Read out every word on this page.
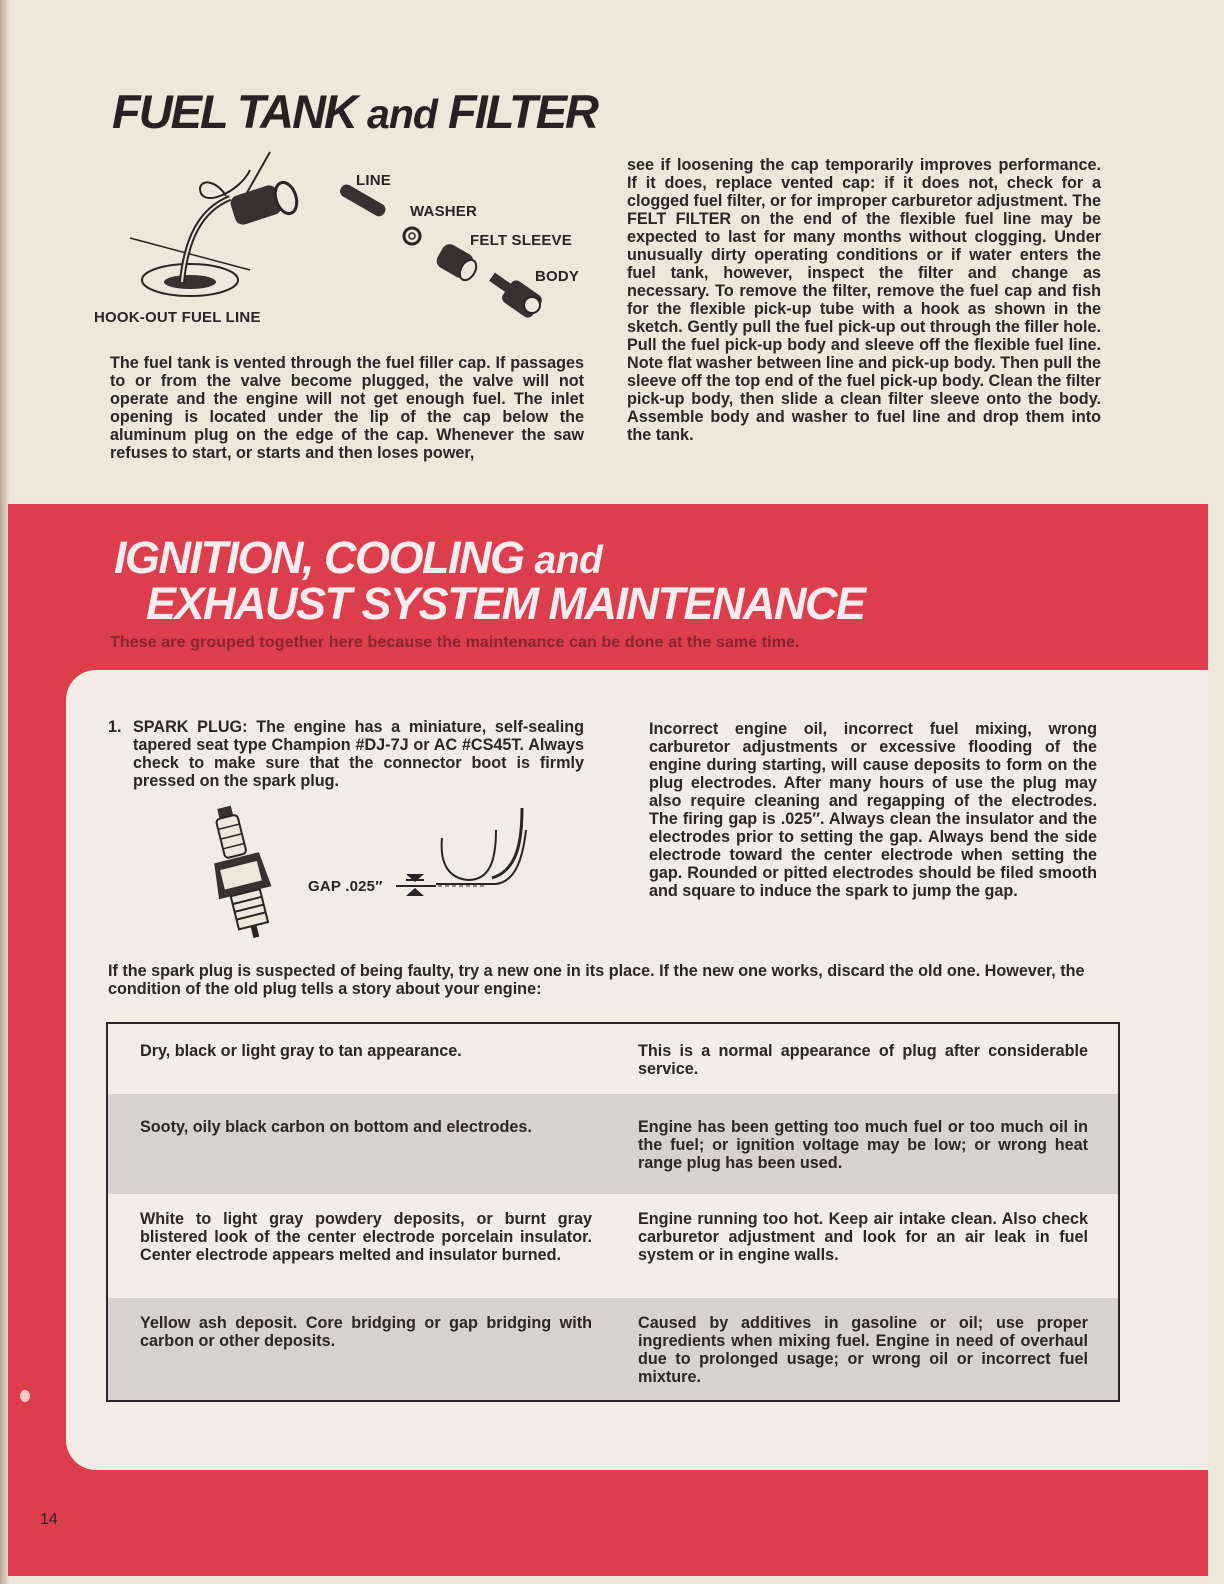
FUEL TANK and FILTER
LINE
WASHER
FELT SLEEVE
BODY
HOOK-OUT FUEL LINE
The fuel tank is vented through the fuel filler cap. If passages to or from the valve become plugged, the valve will not operate and the engine will not get enough fuel. The inlet opening is located under the lip of the cap below the aluminum plug on the edge of the cap. Whenever the saw refuses to start, or starts and then loses power,
see if loosening the cap temporarily improves performance. If it does, replace vented cap: if it does not, check for a clogged fuel filter, or for improper carburetor adjustment. The FELT FILTER on the end of the flexible fuel line may be expected to last for many months without clogging. Under unusually dirty operating conditions or if water enters the fuel tank, however, inspect the filter and change as necessary. To remove the filter, remove the fuel cap and fish for the flexible pick-up tube with a hook as shown in the sketch. Gently pull the fuel pick-up out through the filler hole. Pull the fuel pick-up body and sleeve off the flexible fuel line. Note flat washer between line and pick-up body. Then pull the sleeve off the top end of the fuel pick-up body. Clean the filter pick-up body, then slide a clean filter sleeve onto the body. Assemble body and washer to fuel line and drop them into the tank.
IGNITION, COOLING and
EXHAUST SYSTEM MAINTENANCE
These are grouped together here because the maintenance can be done at the same time.
1. SPARK PLUG: The engine has a miniature, self-sealing tapered seat type Champion #DJ-7J or AC #CS45T. Always check to make sure that the connector boot is firmly pressed on the spark plug.
GAP .025″
Incorrect engine oil, incorrect fuel mixing, wrong carburetor adjustments or excessive flooding of the engine during starting, will cause deposits to form on the plug electrodes. After many hours of use the plug may also require cleaning and regapping of the electrodes. The firing gap is .025″. Always clean the insulator and the electrodes prior to setting the gap. Always bend the side electrode toward the center electrode when setting the gap. Rounded or pitted electrodes should be filed smooth and square to induce the spark to jump the gap.
If the spark plug is suspected of being faulty, try a new one in its place. If the new one works, discard the old one. However, the condition of the old plug tells a story about your engine:
Dry, black or light gray to tan appearance.	This is a normal appearance of plug after considerable service.
Sooty, oily black carbon on bottom and electrodes.	Engine has been getting too much fuel or too much oil in the fuel; or ignition voltage may be low; or wrong heat range plug has been used.
White to light gray powdery deposits, or burnt gray blistered look of the center electrode porcelain insulator. Center electrode appears melted and insulator burned.
Engine running too hot. Keep air intake clean. Also check carburetor adjustment and look for an air leak in fuel system or in engine walls.
Yellow ash deposit. Core bridging or gap bridging with carbon or other deposits.
Caused by additives in gasoline or oil; use proper ingredients when mixing fuel. Engine in need of overhaul due to prolonged usage; or wrong oil or incorrect fuel mixture.
14
